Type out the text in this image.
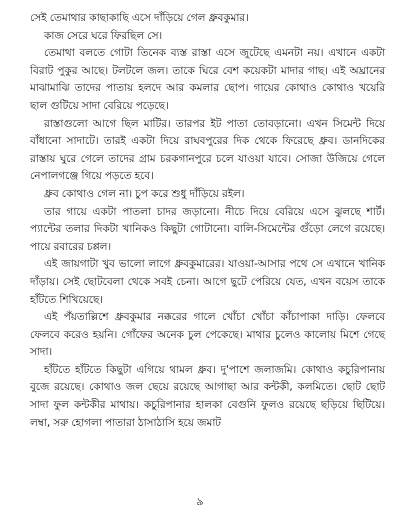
সেই তেমাথার কাছাকাছি এসে দাঁড়িয়ে গেল ধ্রুবকুমার।

কাজ সেরে ঘরে ফিরছিল সে।

তেমাথা বলতে গোটা তিনেক ব্যস্ত রাস্তা এসে জুটেছে এমনটা নয়। এখানে একটা বিরাট পুকুর আছে। টলটলে জল। তাকে ঘিরে বেশ কয়েকটা মাদার গাছ। এই অঘ্রানের মাঝামাঝি তাদের পাতায় হলদে আর কমলার ছোপ। গায়ের কোথাও কোথাও খয়েরি ছাল গুটিয়ে সাদা বেরিয়ে পড়েছে।

রাস্তাগুলো আগে ছিল মাটির। তারপর ইট পাতা তোবড়ানো। এখন সিমেন্ট দিয়ে বাঁধানো সাদাটে। তারই একটা দিয়ে রাঘবপুরের দিক থেকে ফিরেছে ধ্রুব। ডানদিকের রাস্তায় ঘুরে গেলে তাদের গ্রাম চরকগানপুরে চলে যাওয়া যাবে। সোজা উজিয়ে গেলে নেপালগঞ্জে গিয়ে পড়তে হবে।

ধ্রুব কোথাও গেল না। চুপ করে শুধু দাঁড়িয়ে রইল।

তার গায়ে একটা পাতলা চাদর জড়ানো। নীচে দিয়ে বেরিয়ে এসে ঝুলছে শার্ট। প্যান্টের তলার দিকটা খানিকও কিছুটা গোটানো। বালি-সিমেন্টের গুঁড়ো লেগে রয়েছে। পায়ে রবারের চপ্পল।

এই জায়গাটা খুব ভালো লাগে ধ্রুবকুমারের। যাওয়া-আসার পথে সে এখানে খানিক দাঁড়ায়। সেই ছোটবেলা থেকে সবই চেনা। আগে ছুটে পেরিয়ে যেত, এখন বয়েস তাকে হাঁটতে শিখিয়েছে।

এই পঁয়তাল্লিশে ধ্রুবকুমার নক্করের গালে খোঁচা খোঁচা কাঁচাপাকা দাড়ি। ফেলবে ফেলবে করেও হয়নি। গোঁফের অনেক চুল পেকেছে। মাথার চুলেও কালোয় মিশে গেছে সাদা।

হাঁটতে হাঁটতে কিছুটা এগিয়ে থামল ধ্রুব। দু'পাশে জলাজমি। কোথাও কচুরিপানায় বুজে রয়েছে। কোথাও জল ছেয়ে রয়েছে আগাছা আর কন্টকী, কলমিতে। ছোট ছোট সাদা ফুল কন্টকীর মাথায়। কচুরিপানার হালকা বেগুনি ফুলও রয়েছে ছড়িয়ে ছিটিয়ে। লম্বা, সরু হোগলা পাতারা ঠাসাঠাসি হয়ে জমাট

৯
